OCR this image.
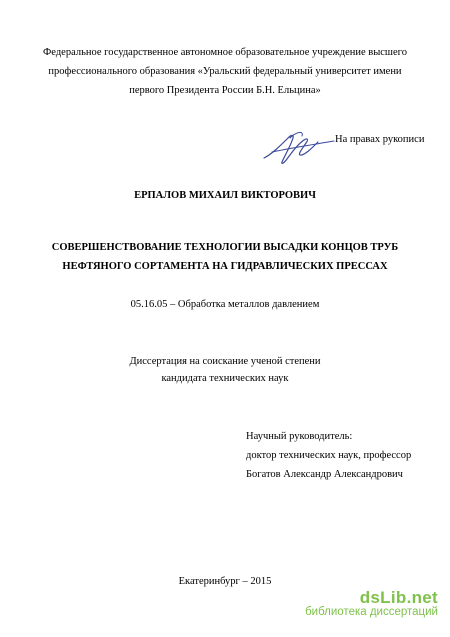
Федеральное государственное автономное образовательное учреждение высшего
профессионального образования «Уральский федеральный университет имени
первого Президента России Б.Н. Ельцина»
На правах рукописи
ЕРПАЛОВ МИХАИЛ ВИКТОРОВИЧ
СОВЕРШЕНСТВОВАНИЕ ТЕХНОЛОГИИ ВЫСАДКИ КОНЦОВ ТРУБ
НЕФТЯНОГО СОРТАМЕНТА НА ГИДРАВЛИЧЕСКИХ ПРЕССАХ
05.16.05 – Обработка металлов давлением
Диссертация на соискание ученой степени
кандидата технических наук
Научный руководитель:
доктор технических наук, профессор
Богатов Александр Александрович
Екатеринбург – 2015
dsLib.net
библиотека диссертаций
